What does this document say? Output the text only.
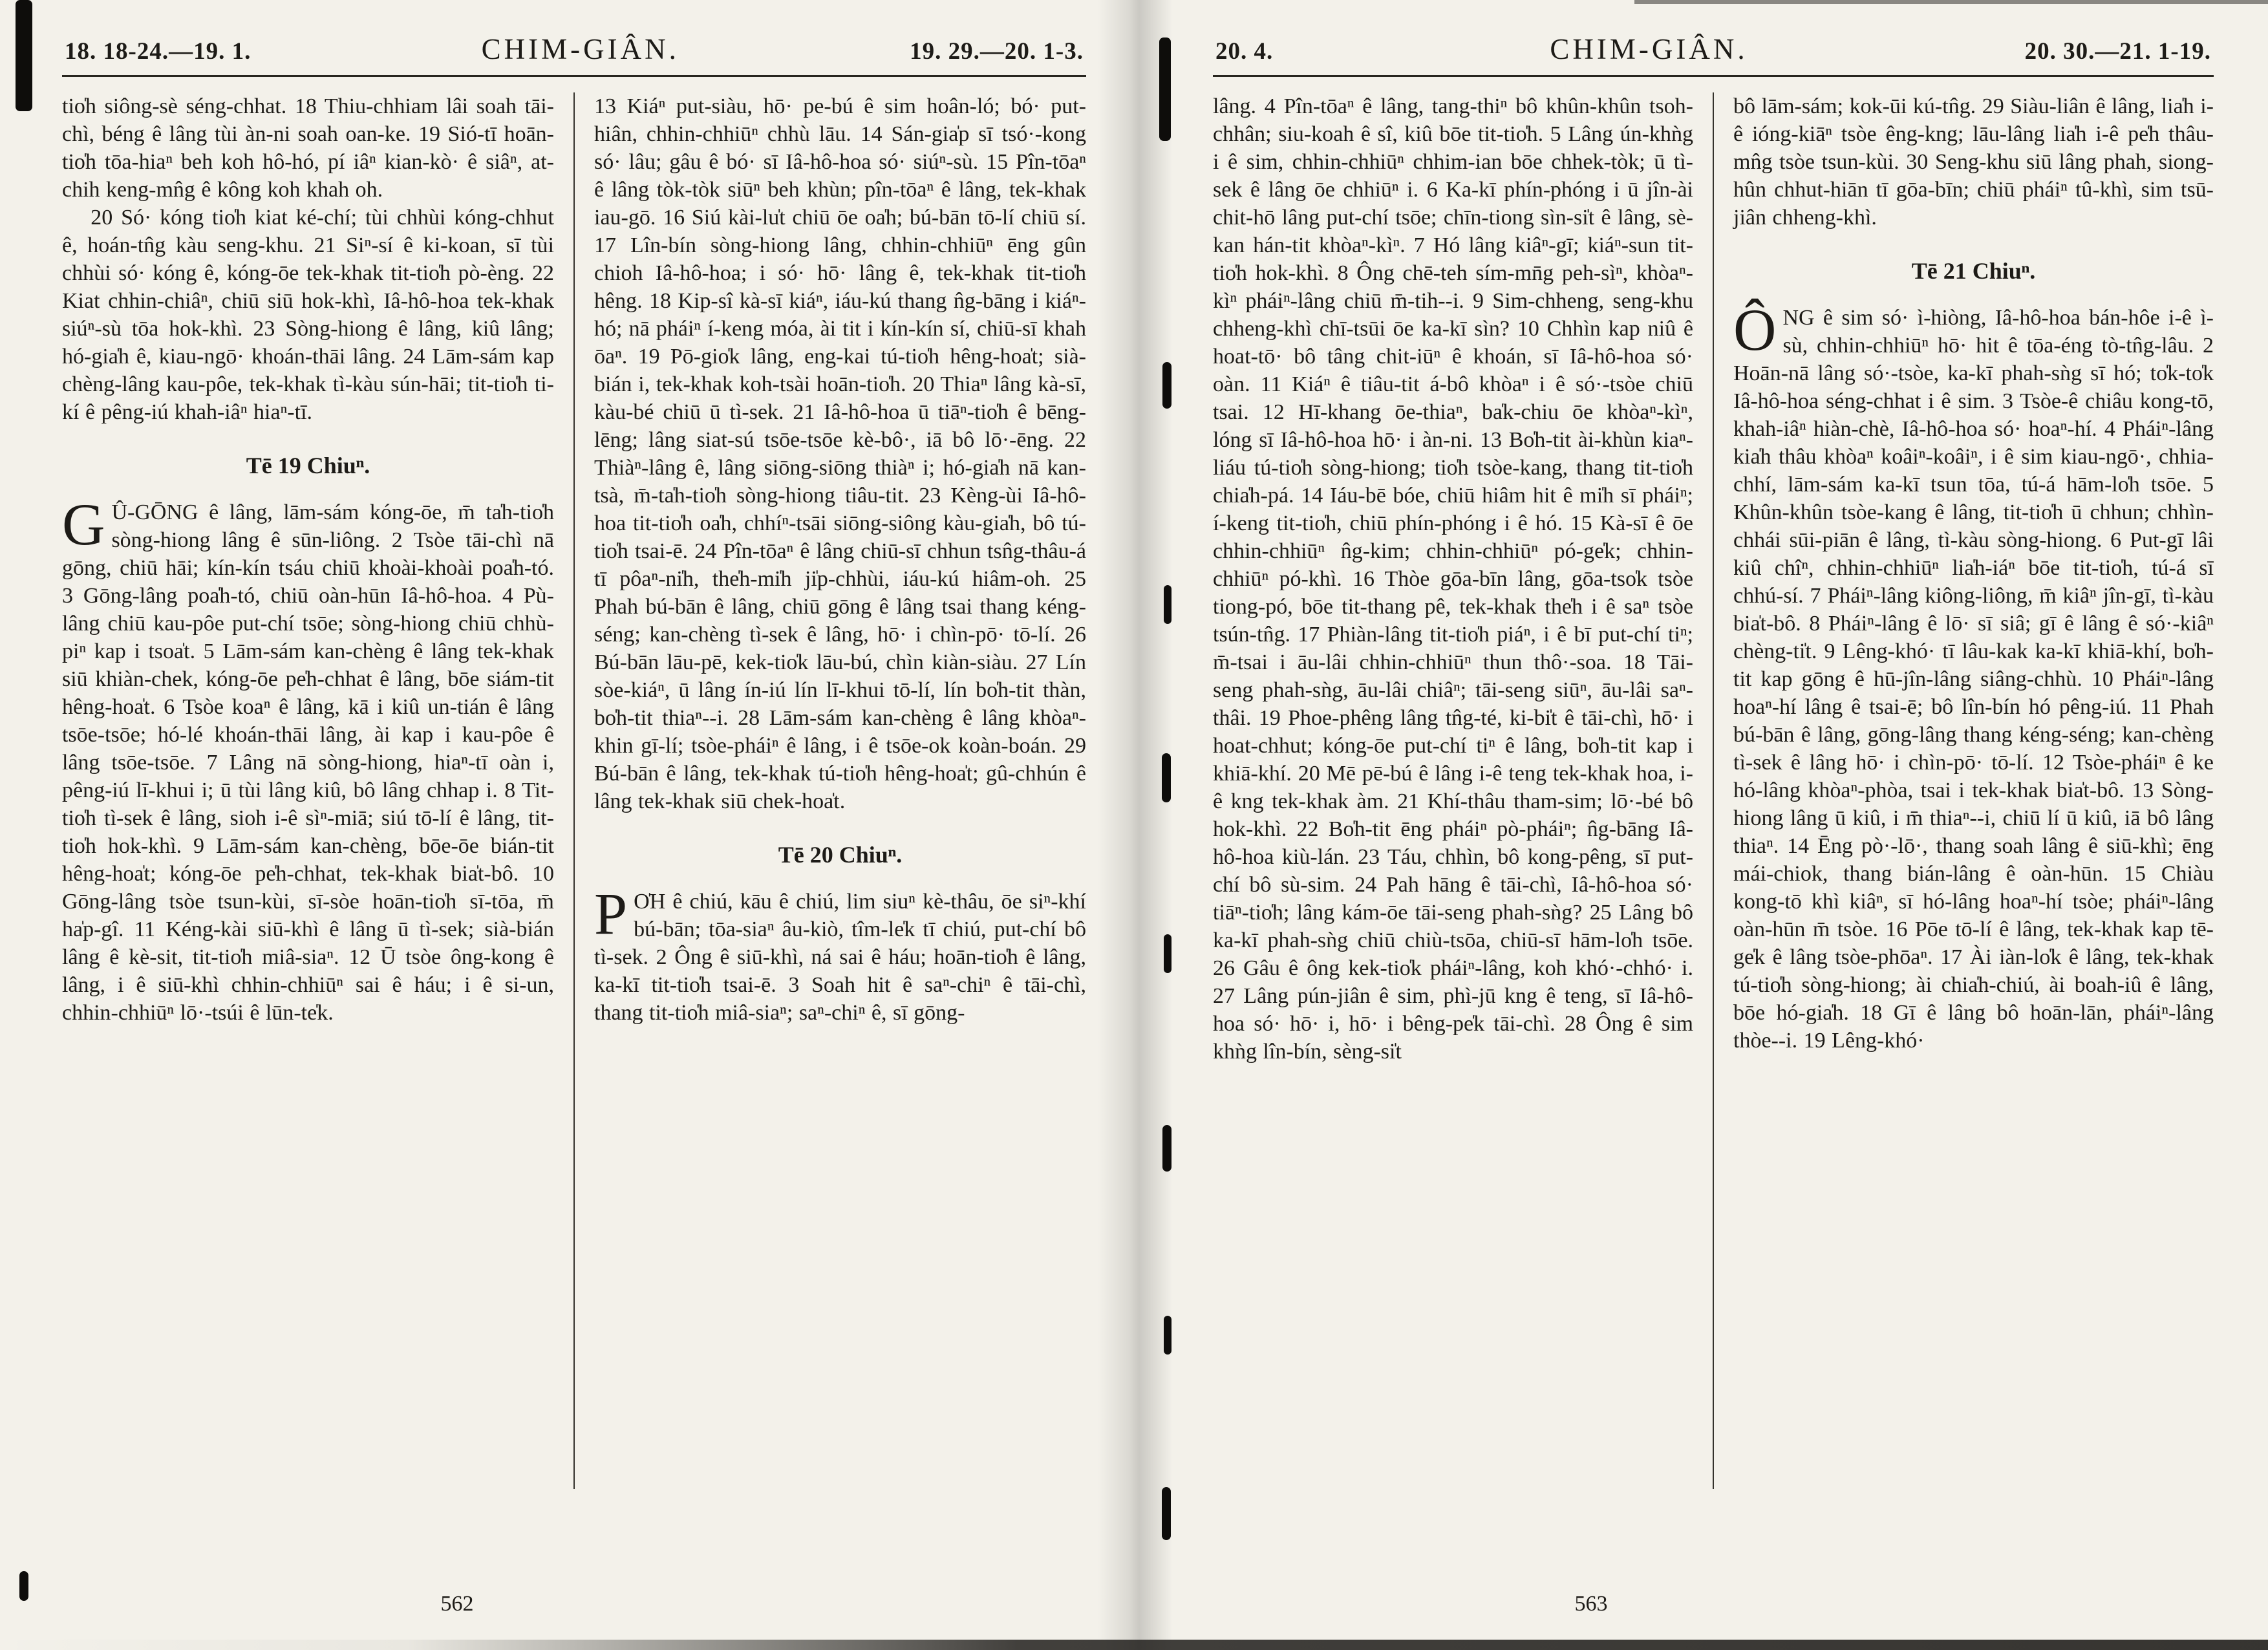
18. 18-24.—19. 1.	CHIM-GIÂN.	19. 29.—20. 1-3.

tio̍h siông-sè séng-chhat. 18 Thiu-chhiam lâi soah tāi-chì, béng ê lâng tùi àn-ni soah oan-ke. 19 Sió-tī hoān-tio̍h tōa-hiaⁿ beh koh hô-hó, pí iâⁿ kian-kò· ê siâⁿ, at-chih keng-mn̂g ê kông koh khah oh.

20 Só· kóng tio̍h kiat ké-chí; tùi chhùi kóng-chhut ê, hoán-tn̂g kàu seng-khu. 21 Siⁿ-sí ê ki-koan, sī tùi chhùi só· kóng ê, kóng-ōe tek-khak tit-tio̍h pò-èng. 22 Kiat chhin-chiâⁿ, chiū siū hok-khì, Iâ-hô-hoa tek-khak siúⁿ-sù tōa hok-khì. 23 Sòng-hiong ê lâng, kiû lâng; hó-gia̍h ê, kiau-ngō· khoán-thāi lâng. 24 Lām-sám kap chèng-lâng kau-pôe, tek-khak tì-kàu sún-hāi; tit-tio̍h ti-kí ê pêng-iú khah-iâⁿ hiaⁿ-tī.

Tē 19 Chiuⁿ.

GÛ-GŌNG ê lâng, lām-sám kóng-ōe, m̄ ta̍h-tio̍h sòng-hiong lâng ê sūn-liông. 2 Tsòe tāi-chì nā gōng, chiū hāi; kín-kín tsáu chiū khoài-khoài poa̍h-tó. 3 Gōng-lâng poa̍h-tó, chiū oàn-hūn Iâ-hô-hoa. 4 Pù-lâng chiū kau-pôe put-chí tsōe; sòng-hiong chiū chhù-piⁿ kap i tsoa̍t. 5 Lām-sám kan-chèng ê lâng tek-khak siū khiàn-chek, kóng-ōe pe̍h-chhat ê lâng, bōe siám-tit hêng-hoa̍t. 6 Tsòe koaⁿ ê lâng, kā i kiû un-tián ê lâng tsōe-tsōe; hó-lé khoán-thāi lâng, ài kap i kau-pôe ê lâng tsōe-tsōe. 7 Lâng nā sòng-hiong, hiaⁿ-tī oàn i, pêng-iú lī-khui i; ū tùi lâng kiû, bô lâng chhap i. 8 Tit-tio̍h tì-sek ê lâng, sioh i-ê sìⁿ-miā; siú tō-lí ê lâng, tit-tio̍h hok-khì. 9 Lām-sám kan-chèng, bōe-ōe bián-tit hêng-hoa̍t; kóng-ōe pe̍h-chhat, tek-khak bia̍t-bô. 10 Gōng-lâng tsòe tsun-kùi, sī-sòe hoān-tio̍h sī-tōa, m̄ ha̍p-gî. 11 Kéng-kài siū-khì ê lâng ū tì-sek; sià-bián lâng ê kè-sit, tit-tio̍h miâ-siaⁿ. 12 Ū tsòe ông-kong ê lâng, i ê siū-khì chhin-chhiūⁿ sai ê háu; i ê si-un, chhin-chhiūⁿ lō·-tsúi ê lūn-te̍k.

13 Kiáⁿ put-siàu, hō· pe-bú ê sim hoân-ló; bó· put-hiân, chhin-chhiūⁿ chhù lāu. 14 Sán-gia̍p sī tsó·-kong só· lâu; gâu ê bó· sī Iâ-hô-hoa só· siúⁿ-sù. 15 Pîn-tōaⁿ ê lâng tòk-tòk siūⁿ beh khùn; pîn-tōaⁿ ê lâng, tek-khak iau-gō. 16 Siú kài-lu̍t chiū ōe oa̍h; bú-bān tō-lí chiū sí. 17 Lîn-bín sòng-hiong lâng, chhin-chhiūⁿ ēng gûn chioh Iâ-hô-hoa; i só· hō· lâng ê, tek-khak tit-tio̍h hêng. 18 Kip-sî kà-sī kiáⁿ, iáu-kú thang n̂g-bāng i kiáⁿ-hó; nā pháiⁿ í-keng móa, ài tit i kín-kín sí, chiū-sī khah ōaⁿ. 19 Pō-gio̍k lâng, eng-kai tú-tio̍h hêng-hoa̍t; sià-bián i, tek-khak koh-tsài hoān-tio̍h. 20 Thiaⁿ lâng kà-sī, kàu-bé chiū ū tì-sek. 21 Iâ-hô-hoa ū tiāⁿ-tio̍h ê bēng-lēng; lâng siat-sú tsōe-tsōe kè-bô·, iā bô lō·-ēng. 22 Thiàⁿ-lâng ê, lâng siōng-siōng thiàⁿ i; hó-gia̍h nā kan-tsà, m̄-ta̍h-tio̍h sòng-hiong tiâu-tit. 23 Kèng-ùi Iâ-hô-hoa tit-tio̍h oa̍h, chhíⁿ-tsāi siōng-siông kàu-gia̍h, bô tú-tio̍h tsai-ē. 24 Pîn-tōaⁿ ê lâng chiū-sī chhun tsn̂g-thâu-á tī pôaⁿ-ni̍h, the̍h-mi̍h ji̍p-chhùi, iáu-kú hiâm-oh. 25 Phah bú-bān ê lâng, chiū gōng ê lâng tsai thang kéng-séng; kan-chèng tì-sek ê lâng, hō· i chìn-pō· tō-lí. 26 Bú-bān lāu-pē, kek-tio̍k lāu-bú, chìn kiàn-siàu. 27 Lín sòe-kiáⁿ, ū lâng ín-iú lín lī-khui tō-lí, lín bo̍h-tit thàn, bo̍h-tit thiaⁿ--i. 28 Lām-sám kan-chèng ê lâng khòaⁿ-khin gī-lí; tsòe-pháiⁿ ê lâng, i ê tsōe-ok koàn-boán. 29 Bú-bān ê lâng, tek-khak tú-tio̍h hêng-hoa̍t; gû-chhún ê lâng tek-khak siū chek-hoa̍t.

Tē 20 Chiuⁿ.

PO̍H ê chiú, kāu ê chiú, lim siuⁿ kè-thâu, ōe siⁿ-khí bú-bān; tōa-siaⁿ âu-kiò, tîm-le̍k tī chiú, put-chí bô tì-sek. 2 Ông ê siū-khì, ná sai ê háu; hoān-tio̍h ê lâng, ka-kī tit-tio̍h tsai-ē. 3 Soah hit ê saⁿ-chiⁿ ê tāi-chì, thang tit-tio̍h miâ-siaⁿ; saⁿ-chiⁿ ê, sī gōng-

562
20. 4.	CHIM-GIÂN.	20. 30.—21. 1-19.

lâng. 4 Pîn-tōaⁿ ê lâng, tang-thiⁿ bô khûn-khûn tsoh-chhân; siu-koah ê sî, kiû bōe tit-tio̍h. 5 Lâng ún-khǹg i ê sim, chhin-chhiūⁿ chhim-ian bōe chhek-tòk; ū tì-sek ê lâng ōe chhiūⁿ i. 6 Ka-kī phín-phóng i ū jîn-ài chit-hō lâng put-chí tsōe; chīn-tiong sìn-si̍t ê lâng, sè-kan hán-tit khòaⁿ-kìⁿ. 7 Hó lâng kiâⁿ-gī; kiáⁿ-sun tit-tio̍h hok-khì. 8 Ông chē-teh sím-mn̄g peh-sìⁿ, khòaⁿ-kìⁿ pháiⁿ-lâng chiū m̄-tih--i. 9 Sim-chheng, seng-khu chheng-khì chī-tsūi ōe ka-kī sìn? 10 Chhìn kap niû ê hoat-tō· bô tâng chit-iūⁿ ê khoán, sī Iâ-hô-hoa só· oàn. 11 Kiáⁿ ê tiâu-tit á-bô khòaⁿ i ê só·-tsòe chiū tsai. 12 Hī-khang ōe-thiaⁿ, ba̍k-chiu ōe khòaⁿ-kìⁿ, lóng sī Iâ-hô-hoa hō· i àn-ni. 13 Bo̍h-tit ài-khùn kiaⁿ-liáu tú-tio̍h sòng-hiong; tio̍h tsòe-kang, thang tit-tio̍h chia̍h-pá. 14 Iáu-bē bóe, chiū hiâm hit ê mi̍h sī pháiⁿ; í-keng tit-tio̍h, chiū phín-phóng i ê hó. 15 Kà-sī ê ōe chhin-chhiūⁿ n̂g-kim; chhin-chhiūⁿ pó-ge̍k; chhin-chhiūⁿ pó-khì. 16 Thòe gōa-bīn lâng, gōa-tso̍k tsòe tiong-pó, bōe tit-thang pê, tek-khak the̍h i ê saⁿ tsòe tsún-tn̂g. 17 Phiàn-lâng tit-tio̍h piáⁿ, i ê bī put-chí tiⁿ; m̄-tsai i āu-lâi chhin-chhiūⁿ thun thô·-soa. 18 Tāi-seng phah-sǹg, āu-lâi chiâⁿ; tāi-seng siūⁿ, āu-lâi saⁿ-thâi. 19 Phoe-phêng lâng tn̂g-té, ki-bi̍t ê tāi-chì, hō· i hoat-chhut; kóng-ōe put-chí tiⁿ ê lâng, bo̍h-tit kap i khiā-khí. 20 Mē pē-bú ê lâng i-ê teng tek-khak hoa, i-ê kng tek-khak àm. 21 Khí-thâu tham-sim; lō·-bé bô hok-khì. 22 Bo̍h-tit ēng pháiⁿ pò-pháiⁿ; n̂g-bāng Iâ-hô-hoa kiù-lán. 23 Táu, chhìn, bô kong-pêng, sī put-chí bô sù-sim. 24 Pah hāng ê tāi-chì, Iâ-hô-hoa só· tiāⁿ-tio̍h; lâng kám-ōe tāi-seng phah-sǹg? 25 Lâng bô ka-kī phah-sǹg chiū chiù-tsōa, chiū-sī hām-lo̍h tsōe. 26 Gâu ê ông kek-tio̍k pháiⁿ-lâng, koh khó·-chhó· i. 27 Lâng pún-jiân ê sim, phì-jū kng ê teng, sī Iâ-hô-hoa só· hō· i, hō· i bêng-pe̍k tāi-chì. 28 Ông ê sim khǹg lîn-bín, sèng-si̍t

bô lām-sám; kok-ūi kú-tn̂g. 29 Siàu-liân ê lâng, lia̍h i-ê ióng-kiāⁿ tsòe êng-kng; lāu-lâng lia̍h i-ê pe̍h thâu-mn̂g tsòe tsun-kùi. 30 Seng-khu siū lâng phah, siong-hûn chhut-hiān tī gōa-bīn; chiū pháiⁿ tû-khì, sim tsū-jiân chheng-khì.

Tē 21 Chiuⁿ.

ÔNG ê sim só· ì-hiòng, Iâ-hô-hoa bán-hôe i-ê ì-sù, chhin-chhiūⁿ hō· hit ê tōa-éng tò-tn̂g-lâu. 2 Hoān-nā lâng só·-tsòe, ka-kī phah-sǹg sī hó; to̍k-to̍k Iâ-hô-hoa séng-chhat i ê sim. 3 Tsòe-ê chiâu kong-tō, khah-iâⁿ hiàn-chè, Iâ-hô-hoa só· hoaⁿ-hí. 4 Pháiⁿ-lâng kia̍h thâu khòaⁿ koâiⁿ-koâiⁿ, i ê sim kiau-ngō·, chhia-chhí, lām-sám ka-kī tsun tōa, tú-á hām-lo̍h tsōe. 5 Khûn-khûn tsòe-kang ê lâng, tit-tio̍h ū chhun; chhìn-chhái sūi-piān ê lâng, tì-kàu sòng-hiong. 6 Put-gī lâi kiû chîⁿ, chhin-chhiūⁿ lia̍h-iáⁿ bōe tit-tio̍h, tú-á sī chhú-sí. 7 Pháiⁿ-lâng kiông-liông, m̄ kiâⁿ jîn-gī, tì-kàu bia̍t-bô. 8 Pháiⁿ-lâng ê lō· sī siâ; gī ê lâng ê só·-kiâⁿ chèng-ti̍t. 9 Lêng-khó· tī lâu-kak ka-kī khiā-khí, bo̍h-tit kap gōng ê hū-jîn-lâng siâng-chhù. 10 Pháiⁿ-lâng hoaⁿ-hí lâng ê tsai-ē; bô lîn-bín hó pêng-iú. 11 Phah bú-bān ê lâng, gōng-lâng thang kéng-séng; kan-chèng tì-sek ê lâng hō· i chìn-pō· tō-lí. 12 Tsòe-pháiⁿ ê ke hó-lâng khòaⁿ-phòa, tsai i tek-khak bia̍t-bô. 13 Sòng-hiong lâng ū kiû, i m̄ thiaⁿ--i, chiū lí ū kiû, iā bô lâng thiaⁿ. 14 Ēng pò·-lō·, thang soah lâng ê siū-khì; ēng mái-chiok, thang bián-lâng ê oàn-hūn. 15 Chiàu kong-tō khì kiâⁿ, sī hó-lâng hoaⁿ-hí tsòe; pháiⁿ-lâng oàn-hūn m̄ tsòe. 16 Pōe tō-lí ê lâng, tek-khak kap tē-ge̍k ê lâng tsòe-phōaⁿ. 17 Ài iàn-lo̍k ê lâng, tek-khak tú-tio̍h sòng-hiong; ài chia̍h-chiú, ài boah-iû ê lâng, bōe hó-gia̍h. 18 Gī ê lâng bô hoān-lān, pháiⁿ-lâng thòe--i. 19 Lêng-khó·

563
